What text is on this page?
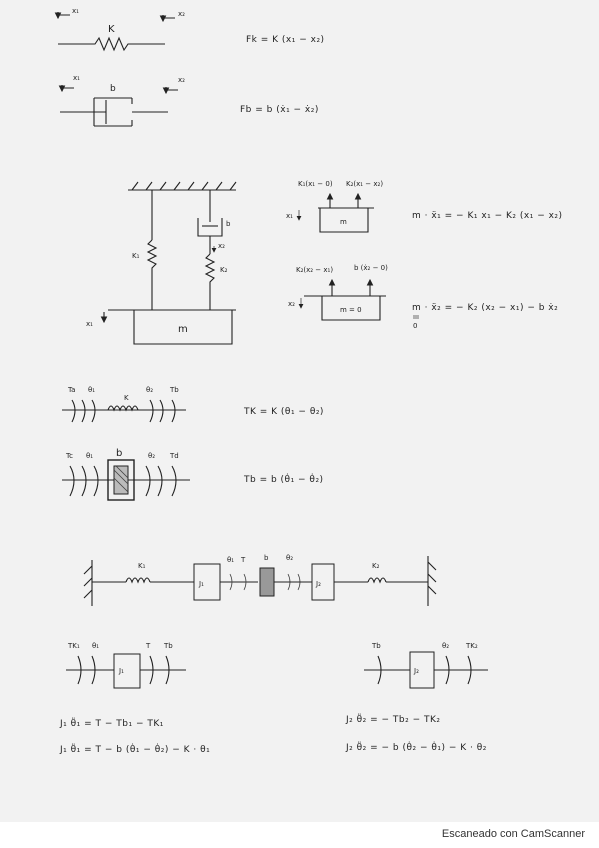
x₁	x₂
K
Fk = K (x₁ − x₂)
x₁	x₂
b
Fb = b (ẋ₁ − ẋ₂)
K₁
b
x₂
K₂
m
x₁
K₁(x₁ − 0) K₂(x₁ − x₂)
m
x₁	m · ẍ₁ = − K₁ x₁ − K₂ (x₁ − x₂)
K₂(x₂ − x₁)	b (ẋ₂ − 0)
m = 0
x₂	m · ẍ₂ = − K₂ (x₂ − x₁) − b ẋ₂
0
Ta θ₁
K
θ₂ Tb
TK = K (θ₁ − θ₂)
Tc θ₁ b	θ₂ Td
Tb = b (θ̇₁ − θ̇₂)
K₁
J₁
θ₁ T	b	θ₂
J₂
K₂
TK₁ θ₁	T Tb
J₁
J₁ θ̈₁ = T − Tb₁ − TK₁
J₁ θ̈₁ = T − b (θ̇₁ − θ̇₂) − K · θ₁
Tb	θ₂ TK₂
J₂
J₂ θ̈₂ = − Tb₂ − TK₂
J₂ θ̈₂ = − b (θ̇₂ − θ̇₁) − K · θ₂
Escaneado con CamScanner
